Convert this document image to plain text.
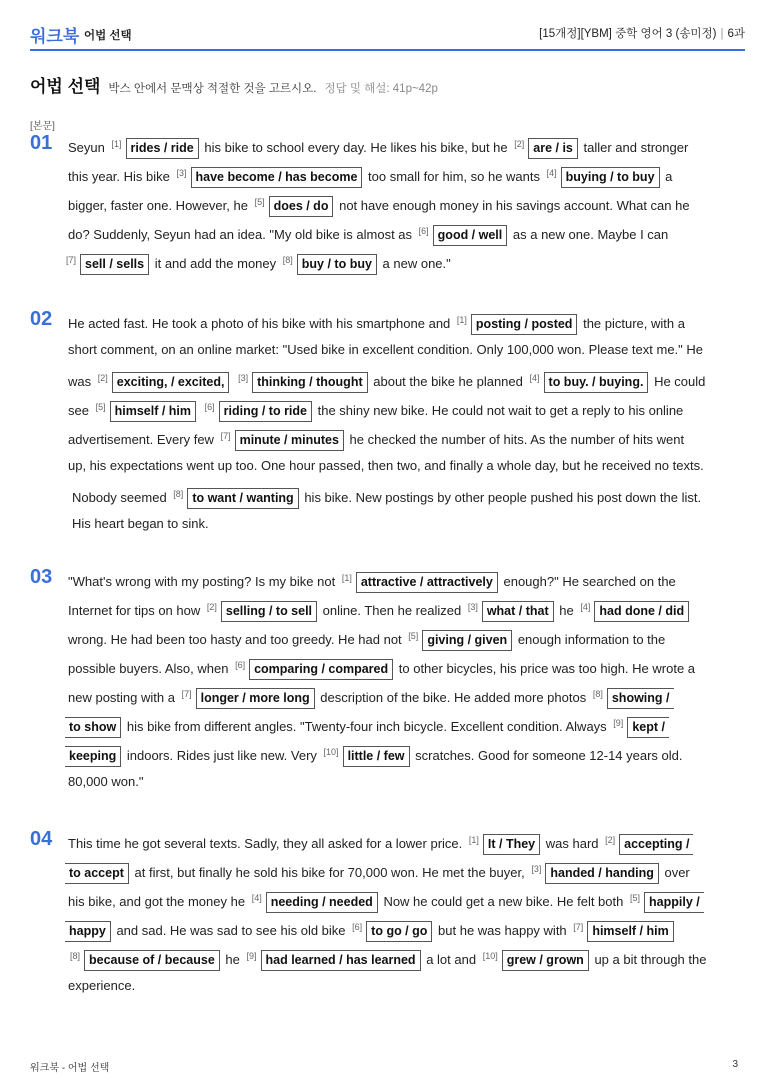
워크북 어법 선택	[15개정][YBM] 중학 영어 3 (송미정) | 6과
어법 선택 박스 안에서 문맥상 적절한 것을 고르시오. 정답 및 해설: 41p~42p
[본문]
01 Seyun [1] rides / ride his bike to school every day. He likes his bike, but he [2] are / is taller and stronger
this year. His bike [3] have become / has become too small for him, so he wants [4] buying / to buy a
bigger, faster one. However, he [5] does / do not have enough money in his savings account. What can he
do? Suddenly, Seyun had an idea. "My old bike is almost as [6] good / well as a new one. Maybe I can
[7] sell / sells it and add the money [8] buy / to buy a new one."
02 He acted fast. He took a photo of his bike with his smartphone and [1] posting / posted the picture, with a
short comment, on an online market: "Used bike in excellent condition. Only 100,000 won. Please text me." He
was [2] exciting, / excited, [3] thinking / thought about the bike he planned [4] to buy. / buying. He could
see [5] himself / him [6] riding / to ride the shiny new bike. He could not wait to get a reply to his online
advertisement. Every few [7] minute / minutes he checked the number of hits. As the number of hits went
up, his expectations went up too. One hour passed, then two, and finally a whole day, but he received no texts.
Nobody seemed [8] to want / wanting his bike. New postings by other people pushed his post down the list.
His heart began to sink.
03 "What's wrong with my posting? Is my bike not [1] attractive / attractively enough?" He searched on the
Internet for tips on how [2] selling / to sell online. Then he realized [3] what / that he [4] had done / did
wrong. He had been too hasty and too greedy. He had not [5] giving / given enough information to the
possible buyers. Also, when [6] comparing / compared to other bicycles, his price was too high. He wrote a
new posting with a [7] longer / more long description of the bike. He added more photos [8] showing /
to show his bike from different angles. "Twenty-four inch bicycle. Excellent condition. Always [9] kept /
keeping indoors. Rides just like new. Very [10] little / few scratches. Good for someone 12-14 years old.
80,000 won."
04 This time he got several texts. Sadly, they all asked for a lower price. [1] It / They was hard [2] accepting /
to accept at first, but finally he sold his bike for 70,000 won. He met the buyer, [3] handed / handing over
his bike, and got the money he [4] needing / needed Now he could get a new bike. He felt both [5] happily /
happy and sad. He was sad to see his old bike [6] to go / go but he was happy with [7] himself / him
[8] because of / because he [9] had learned / has learned a lot and [10] grew / grown up a bit through the
experience.
워크북 - 어법 선택	3
